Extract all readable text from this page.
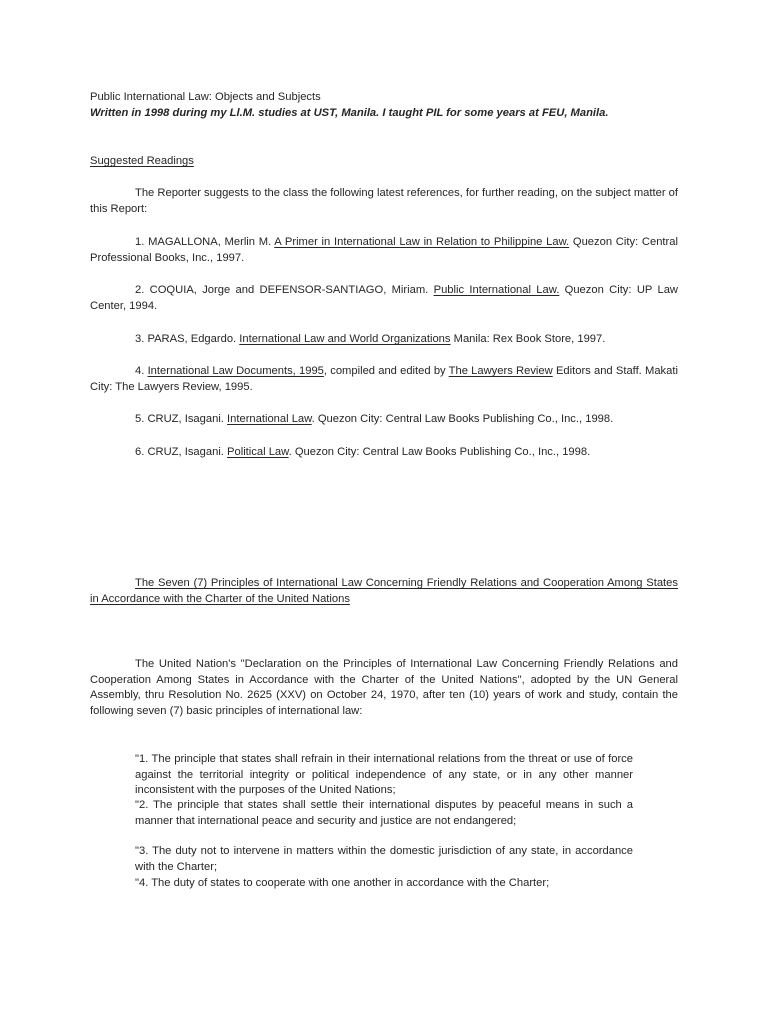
Public International Law: Objects and Subjects

Written in 1998 during my Ll.M. studies at UST, Manila. I taught PIL for some years at FEU, Manila.

Suggested Readings

The Reporter suggests to the class the following latest references, for further reading, on the subject matter of this Report:

1. MAGALLONA, Merlin M. A Primer in International Law in Relation to Philippine Law. Quezon City: Central Professional Books, Inc., 1997.

2. COQUIA, Jorge and DEFENSOR-SANTIAGO, Miriam. Public International Law. Quezon City: UP Law Center, 1994.

3. PARAS, Edgardo. International Law and World Organizations Manila: Rex Book Store, 1997.

4. International Law Documents, 1995, compiled and edited by The Lawyers Review Editors and Staff. Makati City: The Lawyers Review, 1995.

5. CRUZ, Isagani. International Law. Quezon City: Central Law Books Publishing Co., Inc., 1998.

6. CRUZ, Isagani. Political Law. Quezon City: Central Law Books Publishing Co., Inc., 1998.

The Seven (7) Principles of International Law Concerning Friendly Relations and Cooperation Among States in Accordance with the Charter of the United Nations

The United Nation's "Declaration on the Principles of International Law Concerning Friendly Relations and Cooperation Among States in Accordance with the Charter of the United Nations", adopted by the UN General Assembly, thru Resolution No. 2625 (XXV) on October 24, 1970, after ten (10) years of work and study, contain the following seven (7) basic principles of international law:

"1. The principle that states shall refrain in their international relations from the threat or use of force against the territorial integrity or political independence of any state, or in any other manner inconsistent with the purposes of the United Nations;

"2. The principle that states shall settle their international disputes by peaceful means in such a manner that international peace and security and justice are not endangered;

"3. The duty not to intervene in matters within the domestic jurisdiction of any state, in accordance with the Charter;

"4. The duty of states to cooperate with one another in accordance with the Charter;
